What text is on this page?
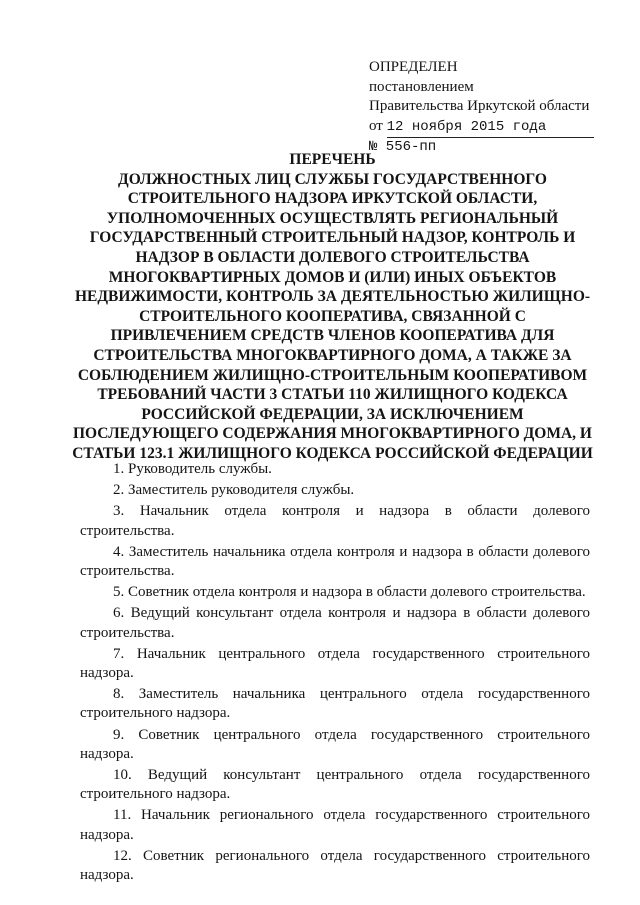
ОПРЕДЕЛЕН
постановлением
Правительства Иркутской области
от 12 ноября 2015 года
№ 556-пп
ПЕРЕЧЕНЬ
ДОЛЖНОСТНЫХ ЛИЦ СЛУЖБЫ ГОСУДАРСТВЕННОГО СТРОИТЕЛЬНОГО НАДЗОРА ИРКУТСКОЙ ОБЛАСТИ, УПОЛНОМОЧЕННЫХ ОСУЩЕСТВЛЯТЬ РЕГИОНАЛЬНЫЙ ГОСУДАРСТВЕННЫЙ СТРОИТЕЛЬНЫЙ НАДЗОР, КОНТРОЛЬ И НАДЗОР В ОБЛАСТИ ДОЛЕВОГО СТРОИТЕЛЬСТВА МНОГОКВАРТИРНЫХ ДОМОВ И (ИЛИ) ИНЫХ ОБЪЕКТОВ НЕДВИЖИМОСТИ, КОНТРОЛЬ ЗА ДЕЯТЕЛЬНОСТЬЮ ЖИЛИЩНО-СТРОИТЕЛЬНОГО КООПЕРАТИВА, СВЯЗАННОЙ С ПРИВЛЕЧЕНИЕМ СРЕДСТВ ЧЛЕНОВ КООПЕРАТИВА ДЛЯ СТРОИТЕЛЬСТВА МНОГОКВАРТИРНОГО ДОМА, А ТАКЖЕ ЗА СОБЛЮДЕНИЕМ ЖИЛИЩНО-СТРОИТЕЛЬНЫМ КООПЕРАТИВОМ ТРЕБОВАНИЙ ЧАСТИ 3 СТАТЬИ 110 ЖИЛИЩНОГО КОДЕКСА РОССИЙСКОЙ ФЕДЕРАЦИИ, ЗА ИСКЛЮЧЕНИЕМ ПОСЛЕДУЮЩЕГО СОДЕРЖАНИЯ МНОГОКВАРТИРНОГО ДОМА, И СТАТЬИ 123.1 ЖИЛИЩНОГО КОДЕКСА РОССИЙСКОЙ ФЕДЕРАЦИИ
1. Руководитель службы.
2. Заместитель руководителя службы.
3. Начальник отдела контроля и надзора в области долевого строительства.
4. Заместитель начальника отдела контроля и надзора в области долевого строительства.
5. Советник отдела контроля и надзора в области долевого строительства.
6. Ведущий консультант отдела контроля и надзора в области долевого строительства.
7. Начальник центрального отдела государственного строительного надзора.
8. Заместитель начальника центрального отдела государственного строительного надзора.
9. Советник центрального отдела государственного строительного надзора.
10. Ведущий консультант центрального отдела государственного строительного надзора.
11. Начальник регионального отдела государственного строительного надзора.
12. Советник регионального отдела государственного строительного надзора.
